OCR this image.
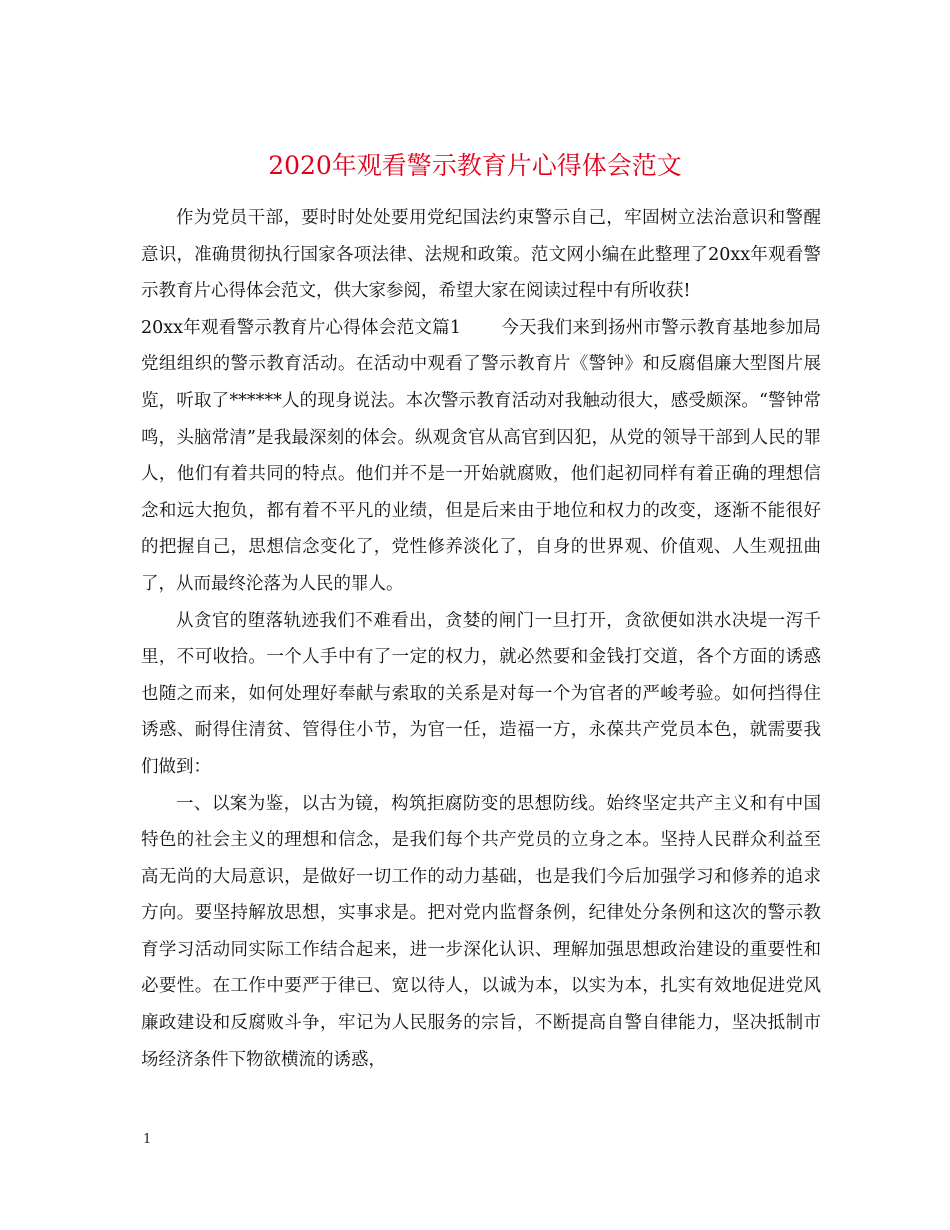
2020年观看警示教育片心得体会范文

作为党员干部，要时时处处要用党纪国法约束警示自己，牢固树立法治意识和警醒意识，准确贯彻执行国家各项法律、法规和政策。范文网小编在此整理了20xx年观看警示教育片心得体会范文，供大家参阅，希望大家在阅读过程中有所收获!

20xx年观看警示教育片心得体会范文篇1 今天我们来到扬州市警示教育基地参加局党组组织的警示教育活动。在活动中观看了警示教育片《警钟》和反腐倡廉大型图片展览，听取了******人的现身说法。本次警示教育活动对我触动很大，感受颇深。“警钟常鸣，头脑常清”是我最深刻的体会。纵观贪官从高官到囚犯，从党的领导干部到人民的罪人，他们有着共同的特点。他们并不是一开始就腐败，他们起初同样有着正确的理想信念和远大抱负，都有着不平凡的业绩，但是后来由于地位和权力的改变，逐渐不能很好的把握自己，思想信念变化了，党性修养淡化了，自身的世界观、价值观、人生观扭曲了，从而最终沦落为人民的罪人。

从贪官的堕落轨迹我们不难看出，贪婪的闸门一旦打开，贪欲便如洪水决堤一泻千里，不可收拾。一个人手中有了一定的权力，就必然要和金钱打交道，各个方面的诱惑也随之而来，如何处理好奉献与索取的关系是对每一个为官者的严峻考验。如何挡得住诱惑、耐得住清贫、管得住小节，为官一任，造福一方，永葆共产党员本色，就需要我们做到：

一、以案为鉴，以古为镜，构筑拒腐防变的思想防线。始终坚定共产主义和有中国特色的社会主义的理想和信念，是我们每个共产党员的立身之本。坚持人民群众利益至高无尚的大局意识，是做好一切工作的动力基础，也是我们今后加强学习和修养的追求方向。要坚持解放思想，实事求是。把对党内监督条例，纪律处分条例和这次的警示教育学习活动同实际工作结合起来，进一步深化认识、理解加强思想政治建设的重要性和必要性。在工作中要严于律已、宽以待人，以诚为本，以实为本，扎实有效地促进党风廉政建设和反腐败斗争，牢记为人民服务的宗旨，不断提高自警自律能力，坚决抵制市场经济条件下物欲横流的诱惑，

1
